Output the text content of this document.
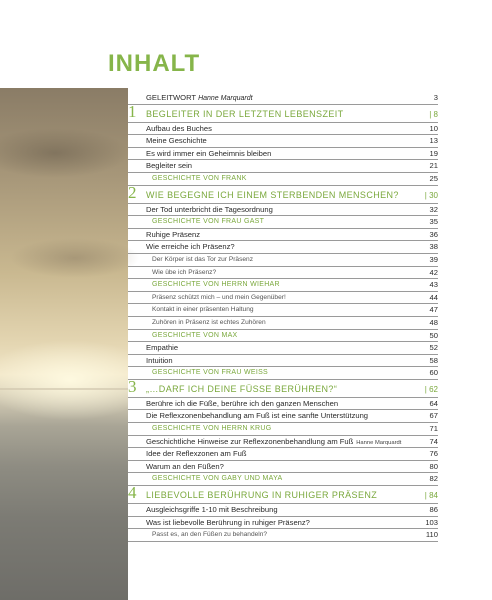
INHALT
GELEITWORT Hanne Marquardt	3
1 BEGLEITER IN DER LETZTEN LEBENSZEIT	| 8
Aufbau des Buches	10
Meine Geschichte	13
Es wird immer ein Geheimnis bleiben	19
Begleiter sein	21
GESCHICHTE VON FRANK	25
2 WIE BEGEGNE ICH EINEM STERBENDEN MENSCHEN?	| 30
Der Tod unterbricht die Tagesordnung	32
GESCHICHTE VON FRAU GAST	35
Ruhige Präsenz	36
Wie erreiche ich Präsenz?	38
Der Körper ist das Tor zur Präsenz	39
Wie übe ich Präsenz?	42
GESCHICHTE VON HERRN WIEHAR	43
Präsenz schützt mich – und mein Gegenüber!	44
Kontakt in einer präsenten Haltung	47
Zuhören in Präsenz ist echtes Zuhören	48
GESCHICHTE VON MAX	50
Empathie	52
Intuition	58
GESCHICHTE VON FRAU WEISS	60
3 „…DARF ICH DEINE FÜSSE BERÜHREN?“	| 62
Berühre ich die Füße, berühre ich den ganzen Menschen	64
Die Reflexzonenbehandlung am Fuß ist eine sanfte Unterstützung	67
GESCHICHTE VON HERRN KRUG	71
Geschichtliche Hinweise zur Reflexzonenbehandlung am Fuß Hanne Marquardt	74
Idee der Reflexzonen am Fuß	76
Warum an den Füßen?	80
GESCHICHTE VON GABY UND MAYA	82
4 LIEBEVOLLE BERÜHRUNG IN RUHIGER PRÄSENZ	| 84
Ausgleichsgriffe 1-10 mit Beschreibung	86
Was ist liebevolle Berührung in ruhiger Präsenz?	103
Passt es, an den Füßen zu behandeln?	110
